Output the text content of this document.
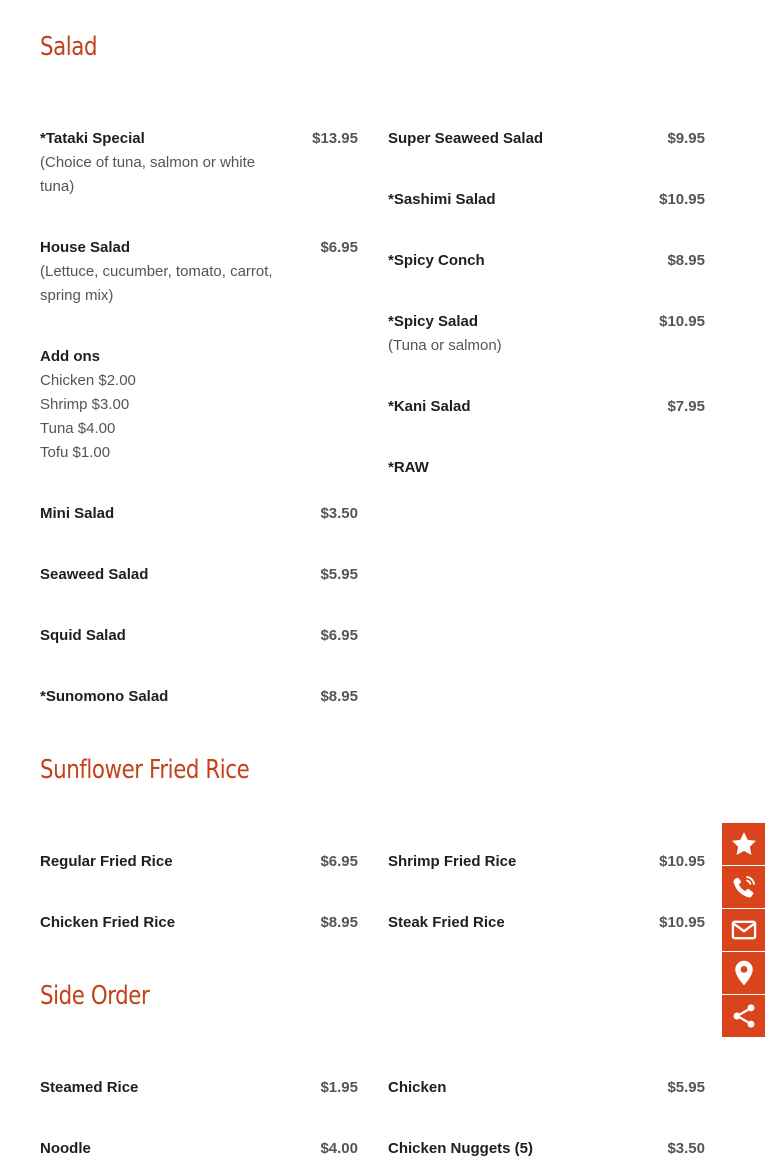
Salad
*Tataki Special	$13.95
(Choice of tuna, salmon or white
tuna)
House Salad	$6.95
(Lettuce, cucumber, tomato, carrot,
spring mix)
Add ons
Chicken $2.00
Shrimp $3.00
Tuna $4.00
Tofu $1.00
Mini Salad	$3.50
Seaweed Salad	$5.95
Squid Salad	$6.95
*Sunomono Salad	$8.95
Super Seaweed Salad	$9.95
*Sashimi Salad	$10.95
*Spicy Conch	$8.95
*Spicy Salad	$10.95
(Tuna or salmon)
*Kani Salad	$7.95
*RAW
Sunflower Fried Rice
Regular Fried Rice	$6.95
Chicken Fried Rice	$8.95
Shrimp Fried Rice	$10.95
Steak Fried Rice	$10.95
Side Order
Steamed Rice	$1.95
Noodle	$4.00
Chicken	$5.95
Chicken Nuggets (5)	$3.50
